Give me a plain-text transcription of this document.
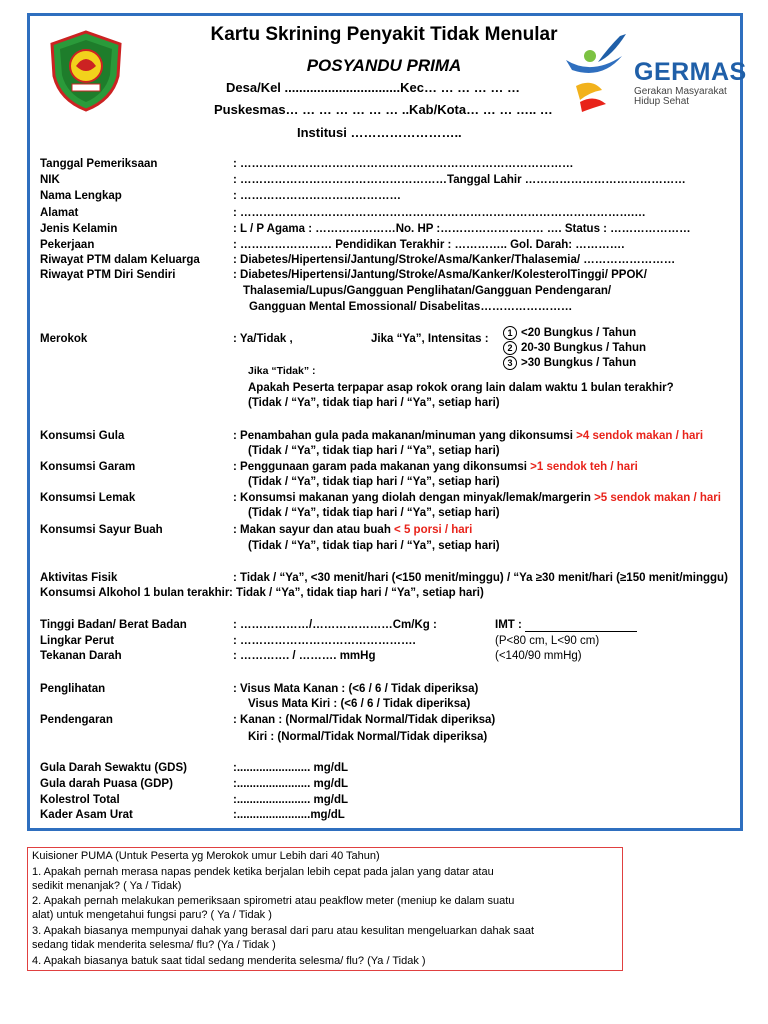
GERMAS
Gerakan Masyarakat Hidup Sehat
Kartu Skrining Penyakit Tidak Menular
POSYANDU PRIMA
Desa/Kel ................................Kec… … … … … …
Puskesmas… … … … … … … ..Kab/Kota… … … ….. …
Institusi ……………………..
Tanggal Pemeriksaan	: ……………………………………………………………………………
NIK	: ………………………………………………Tanggal Lahir ……………………………………
Nama Lengkap	: ……………………………………
Alamat	: ………………………………………………………………………………………….…
Jenis Kelamin	: L / P Agama : …………………No. HP :……………………… …. Status : …………………
Pekerjaan	: …………………… Pendidikan Terakhir : ………….. Gol. Darah: ………….
Riwayat PTM dalam Keluarga	: Diabetes/Hipertensi/Jantung/Stroke/Asma/Kanker/Thalasemia/ ……………………
Riwayat PTM Diri Sendiri	: Diabetes/Hipertensi/Jantung/Stroke/Asma/Kanker/KolesterolTinggi/ PPOK/
Thalasemia/Lupus/Gangguan Penglihatan/Gangguan Pendengaran/
Gangguan Mental Emossional/ Disabelitas……………………
Merokok	: Ya/Tidak ,	Jika “Ya”, Intensitas :	1 <20 Bungkus / Tahun
2 20-30 Bungkus / Tahun
3 >30 Bungkus / Tahun
Jika “Tidak” :
Apakah Peserta terpapar asap rokok orang lain dalam waktu 1 bulan terakhir?
(Tidak / “Ya”, tidak tiap hari / “Ya”, setiap hari)
Konsumsi Gula	: Penambahan gula pada makanan/minuman yang dikonsumsi >4 sendok makan / hari
(Tidak / “Ya”, tidak tiap hari / “Ya”, setiap hari)
Konsumsi Garam	: Penggunaan garam pada makanan yang dikonsumsi >1 sendok teh / hari
(Tidak / “Ya”, tidak tiap hari / “Ya”, setiap hari)
Konsumsi Lemak	: Konsumsi makanan yang diolah dengan minyak/lemak/margerin >5 sendok makan / hari
(Tidak / “Ya”, tidak tiap hari / “Ya”, setiap hari)
Konsumsi Sayur Buah	: Makan sayur dan atau buah < 5 porsi / hari
(Tidak / “Ya”, tidak tiap hari / “Ya”, setiap hari)
Aktivitas Fisik	: Tidak / “Ya”, <30 menit/hari (<150 menit/minggu) / “Ya ≥30 menit/hari (≥150 menit/minggu)
Konsumsi Alkohol 1 bulan terakhir : Tidak / “Ya”, tidak tiap hari / “Ya”, setiap hari)
Tinggi Badan/ Berat Badan	: ………………/…………………Cm/Kg :	IMT :
Lingkar Perut	: ……………………………………….	(P<80 cm, L<90 cm)
Tekanan Darah	: …………. / ………. mmHg	(<140/90 mmHg)
Penglihatan	: Visus Mata Kanan : (<6 / 6 / Tidak diperiksa)
Visus Mata Kiri : (<6 / 6 / Tidak diperiksa)
Pendengaran	: Kanan : (Normal/Tidak Normal/Tidak diperiksa)
Kiri : (Normal/Tidak Normal/Tidak diperiksa)
Gula Darah Sewaktu (GDS)	:....................... mg/dL
Gula darah Puasa (GDP)	:....................... mg/dL
Kolestrol Total	:....................... mg/dL
Kader Asam Urat	:.......................mg/dL
Kuisioner PUMA (Untuk Peserta yg Merokok umur Lebih dari 40 Tahun)
1. Apakah pernah merasa napas pendek ketika berjalan lebih cepat pada jalan yang datar atau
sedikit menanjak? ( Ya / Tidak)
2. Apakah pernah melakukan pemeriksaan spirometri atau peakflow meter (meniup ke dalam suatu
alat) untuk mengetahui fungsi paru? ( Ya / Tidak )
3. Apakah biasanya mempunyai dahak yang berasal dari paru atau kesulitan mengeluarkan dahak saat
sedang tidak menderita selesma/ flu? (Ya / Tidak )
4. Apakah biasanya batuk saat tidal sedang menderita selesma/ flu? (Ya / Tidak )
